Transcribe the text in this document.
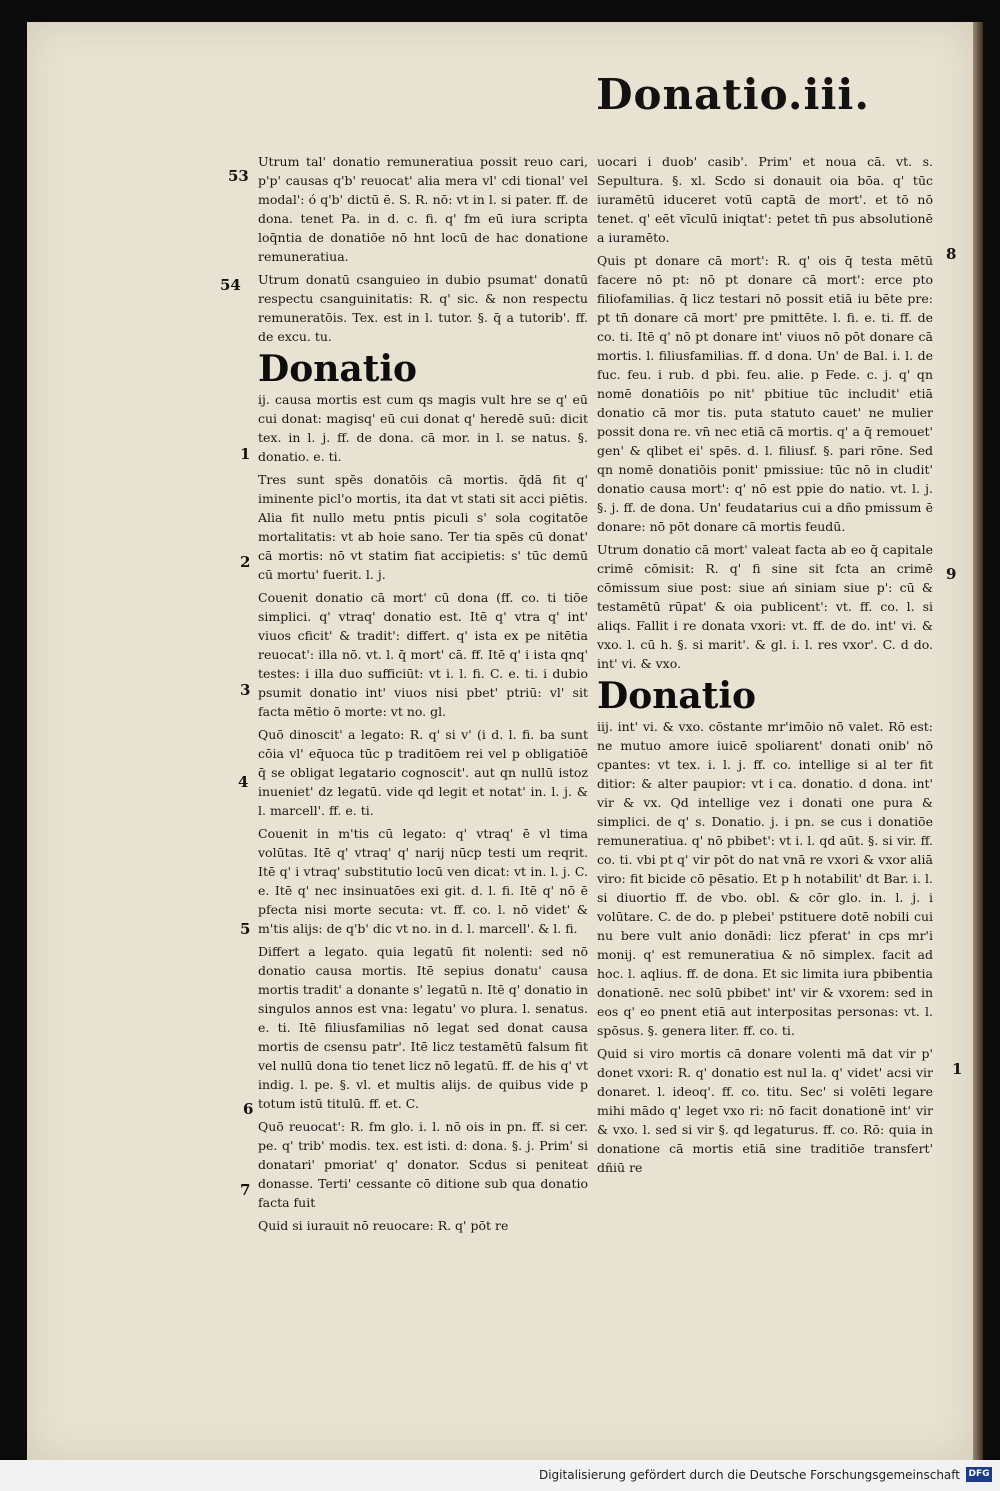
Donatio.iii.
53
54
1
2
3
4
5
6
7
8
9
1

Utrum tal' donatio remuneratiua possit reuo cari, p'p' causas q'b' reuocat' alia mera vl' cdi tional' vel modal': ó q'b' dictū ē. S. R. nō: vt in l. si pater. ff. de dona. tenet Pa. in d. c. fi. q' fm eū iura scripta loq̄ntia de donatiōe nō hnt locū de hac donatione remuneratiua.

Utrum donatū csanguieo in dubio psumat' donatū respectu csanguinitatis: R. q' sic. & non respectu remuneratōis. Tex. est in l. tutor. §. q̄ a tutorib'. ff. de excu. tu.

Donatio

ij. causa mortis est cum qs magis vult hre se q' eū cui donat: magisq' eū cui donat q' heredē suū: dicit tex. in l. j. ff. de dona. cā mor. in l. se natus. §. donatio. e. ti.

Tres sunt spēs donatōis cā mortis. q̄dā fit q' iminente picl'o mortis, ita dat vt stati sit acci piētis. Alia fit nullo metu pntis piculi s' sola cogitatōe mortalitatis: vt ab hoie sano. Ter tia spēs cū donat' cā mortis: nō vt statim fiat accipietis: s' tūc demū cū mortu' fuerit. l. j.

Couenit donatio cā mort' cū dona (ff. co. ti tiōe simplici. q' vtraq' donatio est. Itē q' vtra q' int' viuos cficit' & tradit': differt. q' ista ex pe nitētia reuocat': illa nō. vt. l. q̄ mort' cā. ff. Itē q' i ista qnq' testes: i illa duo sufficiūt: vt i. l. fi. C. e. ti. i dubio psumit donatio int' viuos nisi pbet' ptriū: vl' sit facta mētio ō morte: vt no. gl.

Quō dinoscit' a legato: R. q' si v' (i d. l. fi. ba sunt cōia vl' eq̄uoca tūc p traditōem rei vel p obligatiōē q̄ se obligat legatario cognoscit'. aut qn nullū istoz inueniet' dz legatū. vide qd legit et notat' in. l. j. & l. marcell'. ff. e. ti.

Couenit in m'tis cū legato: q' vtraq' ē vl tima volūtas. Itē q' vtraq' q' narij nūcp testi um reqrit. Itē q' i vtraq' substitutio locū ven dicat: vt in. l. j. C. e. Itē q' nec insinuatōes exi git. d. l. fi. Itē q' nō ē pfecta nisi morte secuta: vt. ff. co. l. nō videt' & m'tis alijs: de q'b' dic vt no. in d. l. marcell'. & l. fi.

Differt a legato. quia legatū fit nolenti: sed nō donatio causa mortis. Itē sepius donatu' causa mortis tradit' a donante s' legatū n. Itē q' donatio in singulos annos est vna: legatu' vo plura. l. senatus. e. ti. Itē filiusfamilias nō legat sed donat causa mortis de csensu patr'. Itē licz testamētū falsum fit vel nullū dona tio tenet licz nō legatū. ff. de his q' vt indig. l. pe. §. vl. et multis alijs. de quibus vide p totum istū titulū. ff. et. C.

Quō reuocat': R. fm glo. i. l. nō ois in pn. ff. si cer. pe. q' trib' modis. tex. est isti. d: dona. §. j. Prim' si donatari' pmoriat' q' donator. Scdus si peniteat donasse. Terti' cessante cō ditione sub qua donatio facta fuit

Quid si iurauit nō reuocare: R. q' pōt re

uocari i duob' casib'. Prim' et noua cā. vt. s. Sepultura. §. xl. Scdo si donauit oia bōa. q' tūc iuramētū iduceret votū captā de mort'. et tō nō tenet. q' eēt vīculū iniqtat': petet tn̄ pus absolutionē a iuramēto.

Quis pt donare cā mort': R. q' ois q̄ testa mētū facere nō pt: nō pt donare cā mort': erce pto filiofamilias. q̄ licz testari nō possit etiā iu bēte pre: pt tn̄ donare cā mort' pre pmittēte. l. fi. e. ti. ff. de co. ti. Itē q' nō pt donare int' viuos nō pōt donare cā mortis. l. filiusfamilias. ff. d dona. Un' de Bal. i. l. de fuc. feu. i rub. d pbi. feu. alie. p Fede. c. j. q' qn nomē donatiōis po nit' pbitiue tūc includit' etiā donatio cā mor tis. puta statuto cauet' ne mulier possit dona re. vn̄ nec etiā cā mortis. q' a q̄ remouet' gen' & qlibet ei' spēs. d. l. filiusf. §. pari rōne. Sed qn nomē donatiōis ponit' pmissiue: tūc nō in cludit' donatio causa mort': q' nō est ppie do natio. vt. l. j. §. j. ff. de dona. Un' feudatarius cui a dño pmissum ē donare: nō pōt donare cā mortis feudū.

Utrum donatio cā mort' valeat facta ab eo q̄ capitale crimē cōmisit: R. q' fi sine sit fcta an crimē cōmissum siue post: siue ań siniam siue p': cū & testamētū rūpat' & oia publicent': vt. ff. co. l. si aliqs. Fallit i re donata vxori: vt. ff. de do. int' vi. & vxo. l. cū h. §. si marit'. & gl. i. l. res vxor'. C. d do. int' vi. & vxo.

Donatio

iij. int' vi. & vxo. cōstante mr'imōio nō valet. Rō est: ne mutuo amore iuicē spoliarent' donati onib' nō cpantes: vt tex. i. l. j. ff. co. intellige si al ter fit ditior: & alter paupior: vt i ca. donatio. d dona. int' vir & vx. Qd intellige vez i donati one pura & simplici. de q' s. Donatio. j. i pn. se cus i donatiōe remuneratiua. q' nō pbibet': vt i. l. qd aūt. §. si vir. ff. co. ti. vbi pt q' vir pōt do nat vnā re vxori & vxor aliā viro: fit bicide cō pēsatio. Et p h notabilit' dt Bar. i. l. si diuortio ff. de vbo. obl. & cōr glo. in. l. j. i volūtare. C. de do. p plebei' pstituere dotē nobili cui nu bere vult anio donādi: licz pferat' in cps mr'i monij. q' est remuneratiua & nō simplex. facit ad hoc. l. aqlius. ff. de dona. Et sic limita iura pbibentia donationē. nec solū pbibet' int' vir & vxorem: sed in eos q' eo pnent etiā aut interpositas personas: vt. l. spōsus. §. genera liter. ff. co. ti.

Quid si viro mortis cā donare volenti mā dat vir p' donet vxori: R. q' donatio est nul la. q' videt' acsi vir donaret. l. ideoq'. ff. co. titu. Sec' si volēti legare mihi mādo q' leget vxo ri: nō facit donationē int' vir & vxo. l. sed si vir §. qd legaturus. ff. co. Rō: quia in donatione cā mortis etiā sine traditiōe transfert' dñiū re

Digitalisierung gefördert durch die Deutsche Forschungsgemeinschaft DFG
